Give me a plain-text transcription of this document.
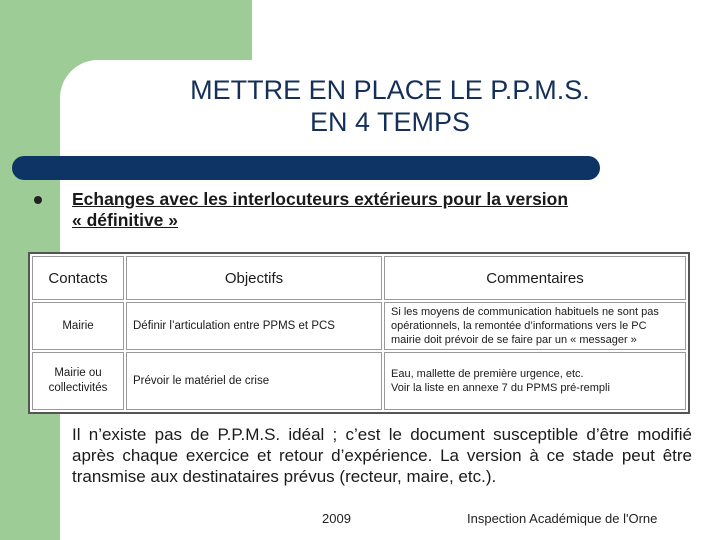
METTRE EN PLACE LE P.P.M.S.
EN 4 TEMPS
Echanges avec les interlocuteurs extérieurs pour la version
« définitive »
Contacts	Objectifs	Commentaires
Mairie	Définir l’articulation entre PPMS et PCS	Si les moyens de communication habituels ne sont pas opérationnels, la remontée d’informations vers le PC mairie doit prévoir de se faire par un « messager »

Mairie ou collectivités	Prévoir le matériel de crise	Eau, mallette de première urgence, etc.
Voir la liste en annexe 7 du PPMS pré-rempli
Il n’existe pas de P.P.M.S. idéal ; c’est le document susceptible d’être modifié après chaque exercice et retour d’expérience. La version à ce stade peut être transmise aux destinataires prévus (recteur, maire, etc.).
2009	Inspection Académique de l'Orne
